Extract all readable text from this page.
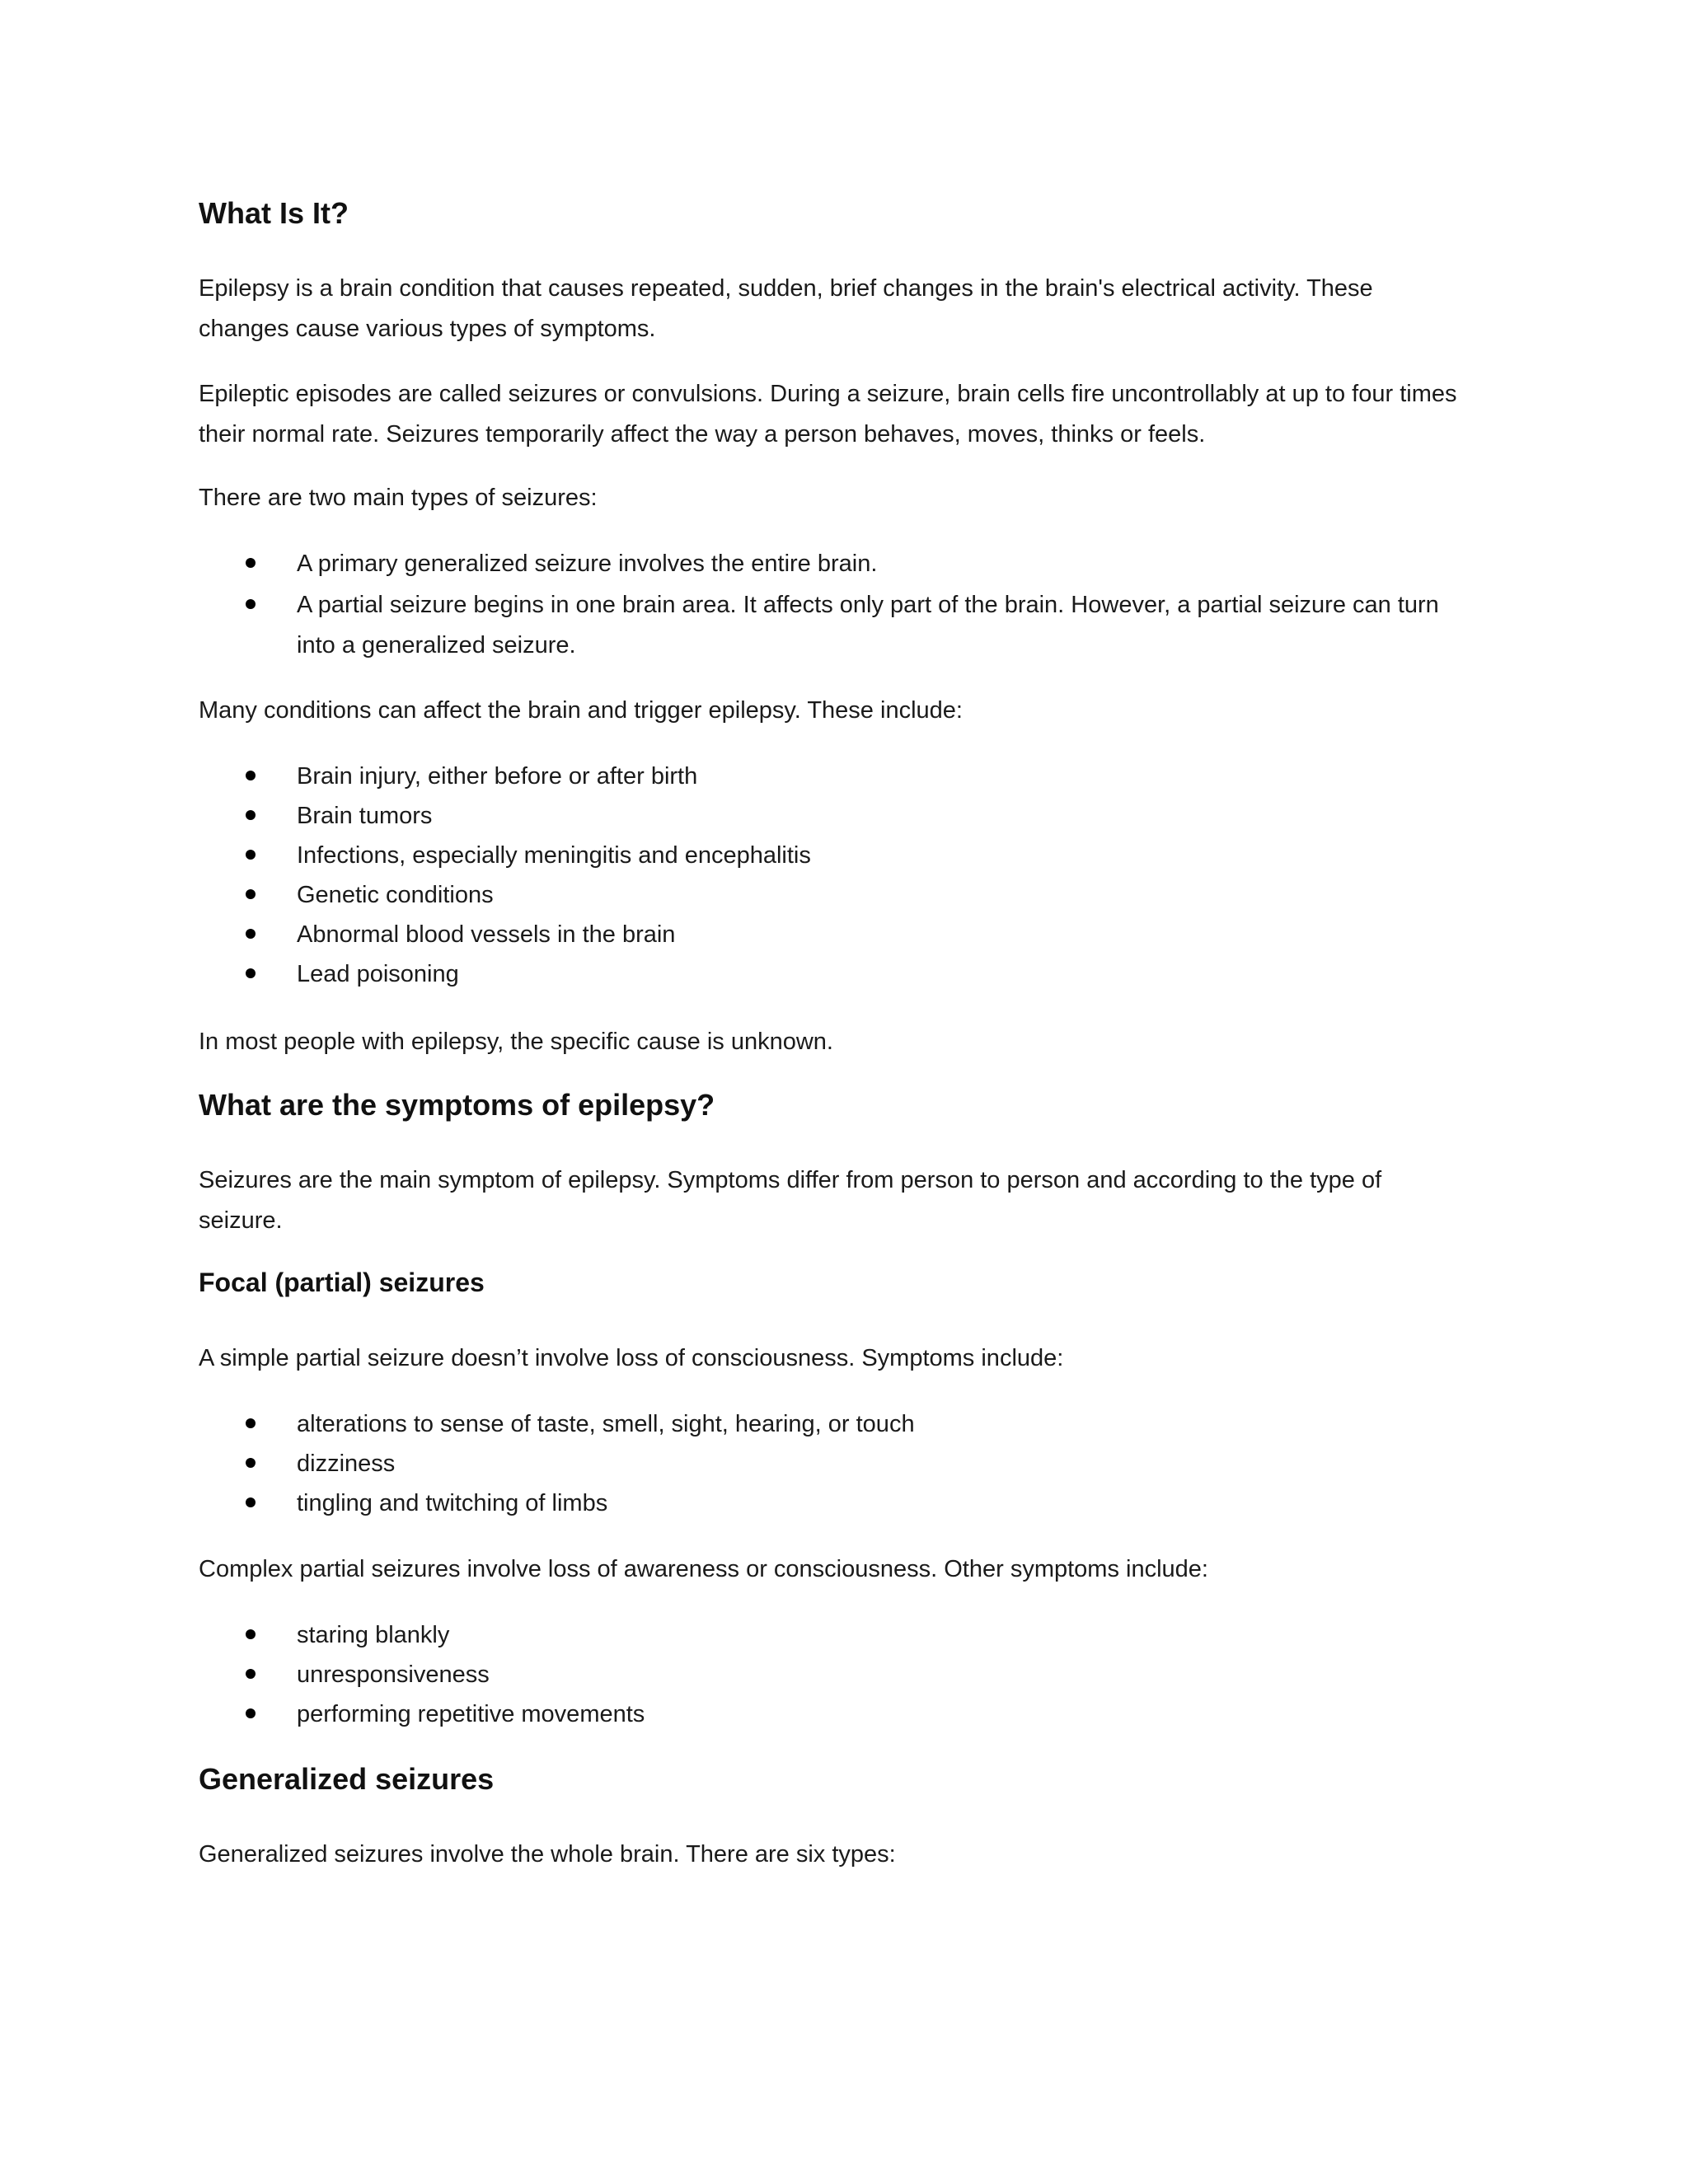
What Is It?

Epilepsy is a brain condition that causes repeated, sudden, brief changes in the brain's electrical activity. These changes cause various types of symptoms.

Epileptic episodes are called seizures or convulsions. During a seizure, brain cells fire uncontrollably at up to four times their normal rate. Seizures temporarily affect the way a person behaves, moves, thinks or feels.

There are two main types of seizures:

A primary generalized seizure involves the entire brain.
A partial seizure begins in one brain area. It affects only part of the brain. However, a partial seizure can turn into a generalized seizure.

Many conditions can affect the brain and trigger epilepsy. These include:

Brain injury, either before or after birth
Brain tumors
Infections, especially meningitis and encephalitis
Genetic conditions
Abnormal blood vessels in the brain
Lead poisoning

In most people with epilepsy, the specific cause is unknown.

What are the symptoms of epilepsy?

Seizures are the main symptom of epilepsy. Symptoms differ from person to person and according to the type of seizure.

Focal (partial) seizures

A simple partial seizure doesn’t involve loss of consciousness. Symptoms include:

alterations to sense of taste, smell, sight, hearing, or touch
dizziness
tingling and twitching of limbs

Complex partial seizures involve loss of awareness or consciousness. Other symptoms include:

staring blankly
unresponsiveness
performing repetitive movements
Generalized seizures

Generalized seizures involve the whole brain. There are six types:
